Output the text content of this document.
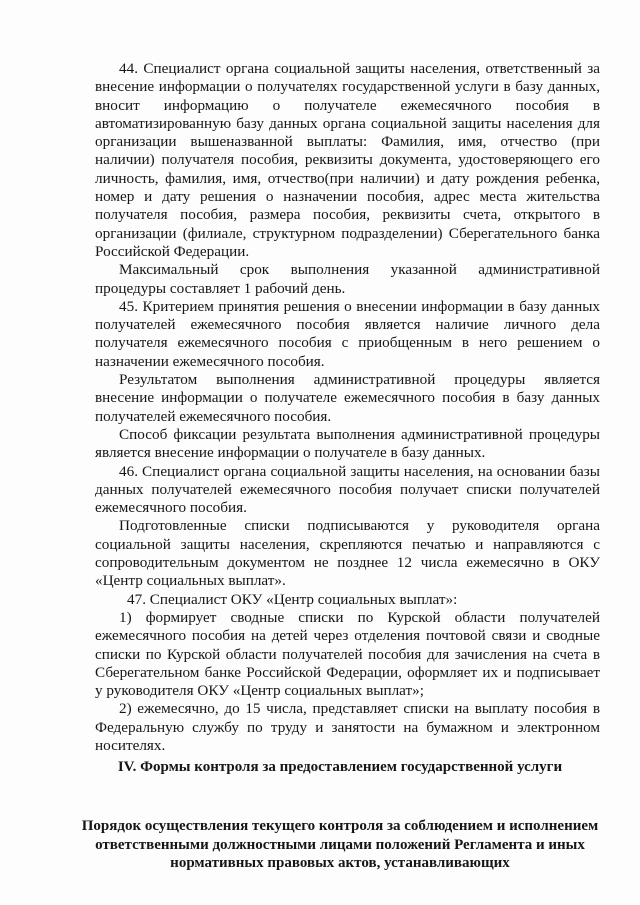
44. Специалист органа социальной защиты населения, ответственный за внесение информации о получателях государственной услуги в базу данных, вносит информацию о получателе ежемесячного пособия в автоматизированную базу данных органа социальной защиты населения для организации вышеназванной выплаты: Фамилия, имя, отчество (при наличии) получателя пособия, реквизиты документа, удостоверяющего его личность, фамилия, имя, отчество(при наличии) и дату рождения ребенка, номер и дату решения о назначении пособия, адрес места жительства получателя пособия, размера пособия, реквизиты счета, открытого в организации (филиале, структурном подразделении) Сберегательного банка Российской Федерации.

Максимальный срок выполнения указанной административной процедуры составляет 1 рабочий день.

45. Критерием принятия решения о внесении информации в базу данных получателей ежемесячного пособия является наличие личного дела получателя ежемесячного пособия с приобщенным в него решением о назначении ежемесячного пособия.

Результатом выполнения административной процедуры является внесение информации о получателе ежемесячного пособия в базу данных получателей ежемесячного пособия.

Способ фиксации результата выполнения административной процедуры является внесение информации о получателе в базу данных.

46. Специалист органа социальной защиты населения, на основании базы данных получателей ежемесячного пособия получает списки получателей ежемесячного пособия.

Подготовленные списки подписываются у руководителя органа социальной защиты населения, скрепляются печатью и направляются с сопроводительным документом не позднее 12 числа ежемесячно в ОКУ «Центр социальных выплат».

47. Специалист ОКУ «Центр социальных выплат»:

1) формирует сводные списки по Курской области получателей ежемесячного пособия на детей через отделения почтовой связи и сводные списки по Курской области получателей пособия для зачисления на счета в Сберегательном банке Российской Федерации, оформляет их и подписывает у руководителя ОКУ «Центр социальных выплат»;

2) ежемесячно, до 15 числа, представляет списки на выплату пособия в Федеральную службу по труду и занятости на бумажном и электронном носителях.

IV. Формы контроля за предоставлением государственной услуги
Порядок осуществления текущего контроля за соблюдением и исполнением ответственными должностными лицами положений Регламента и иных нормативных правовых актов, устанавливающих
